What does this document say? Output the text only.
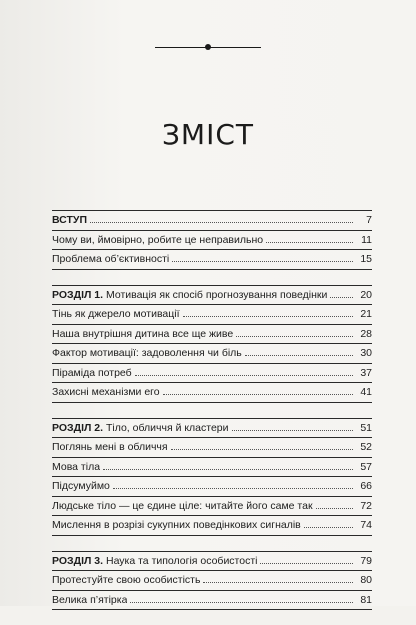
ЗМІСТ
ВСТУП	7
Чому ви, ймовірно, робите це неправильно	11
Проблема об’єктивності	15
РОЗДІЛ 1. Мотивація як спосіб прогнозування поведінки	20
Тінь як джерело мотивації	21
Наша внутрішня дитина все ще живе	28
Фактор мотивації: задоволення чи біль	30
Піраміда потреб	37
Захисні механізми его	41
РОЗДІЛ 2. Тіло, обличчя й кластери	51
Поглянь мені в обличчя	52
Мова тіла	57
Підсумуймо	66
Людське тіло — це єдине ціле: читайте його саме так	72
Мислення в розрізі сукупних поведінкових сигналів	74
РОЗДІЛ 3. Наука та типологія особистості	79
Протестуйте свою особистість	80
Велика п’ятірка	81
